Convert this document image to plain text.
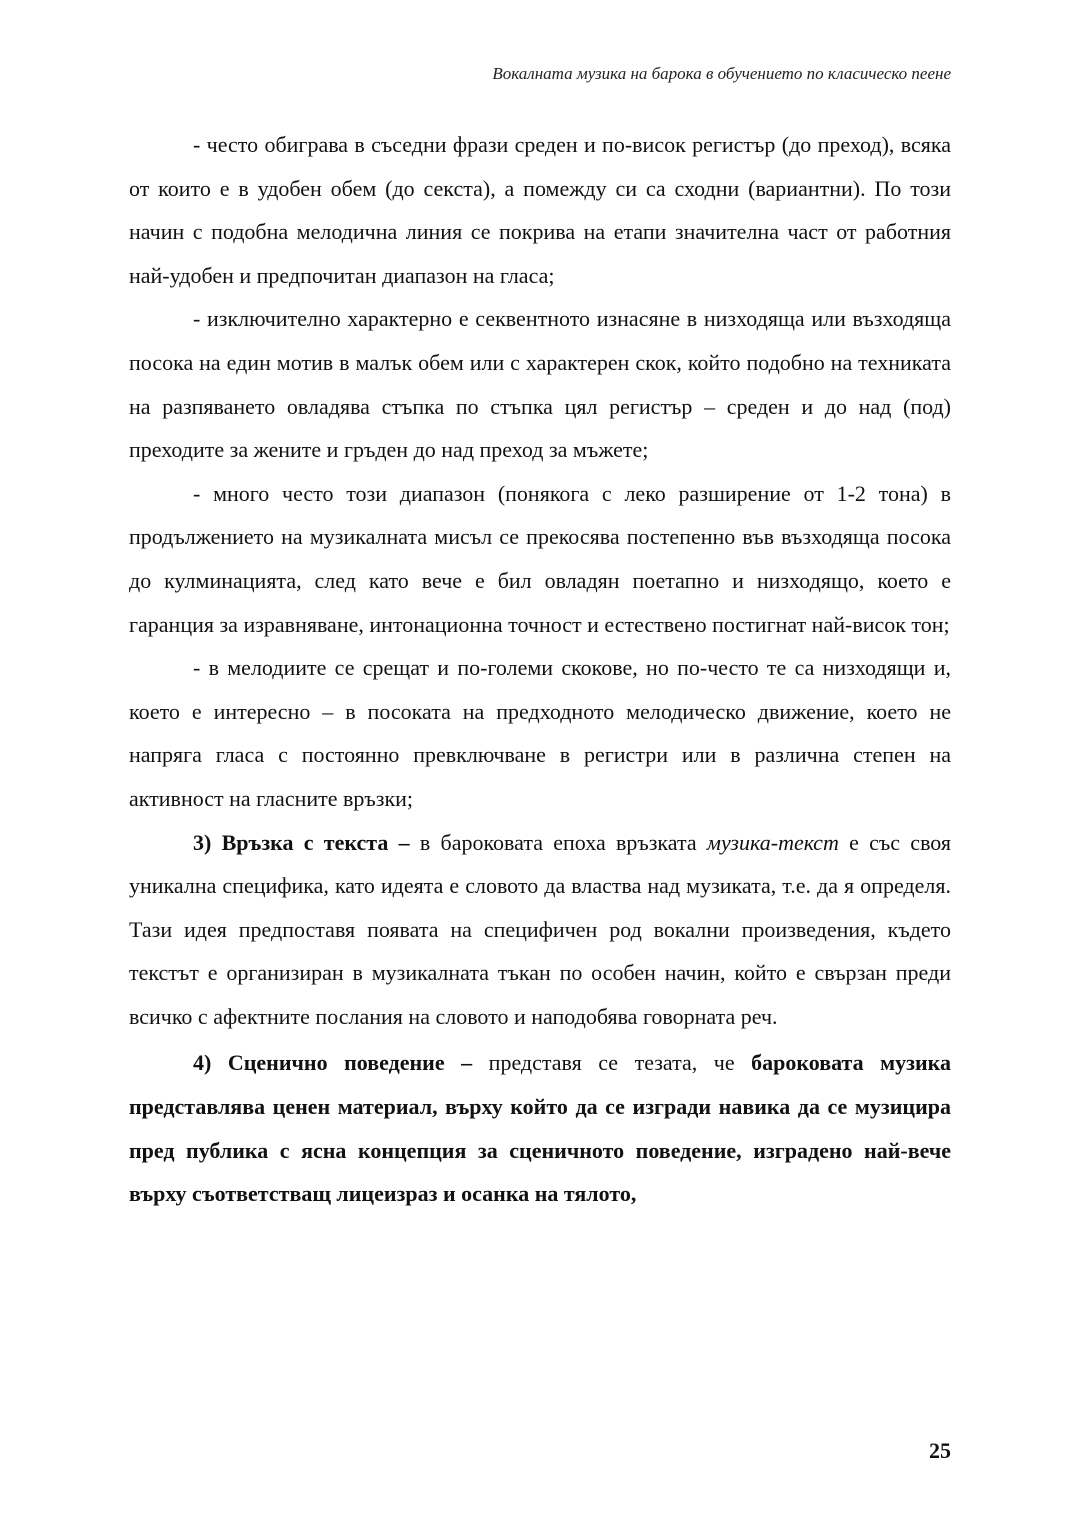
Вокалната музика на барока в обучението по класическо пеене

- често обиграва в съседни фрази среден и по-висок регистър (до преход), всяка от които е в удобен обем (до секста), а помежду си са сходни (вариантни). По този начин с подобна мелодична линия се покрива на етапи значителна част от работния най-удобен и предпочитан диапазон на гласа;

- изключително характерно е секвентното изнасяне в низходяща или възходяща посока на един мотив в малък обем или с характерен скок, който подобно на техниката на разпяването овладява стъпка по стъпка цял регистър – среден и до над (под) преходите за жените и гръден до над преход за мъжете;

- много често този диапазон (понякога с леко разширение от 1-2 тона) в продължението на музикалната мисъл се прекосява постепенно във възходяща посока до кулминацията, след като вече е бил овладян поетапно и низходящо, което е гаранция за изравняване, интонационна точност и естествено постигнат най-висок тон;

- в мелодиите се срещат и по-големи скокове, но по-често те са низходящи и, което е интересно – в посоката на предходното мелодическо движение, което не напряга гласа с постоянно превключване в регистри или в различна степен на активност на гласните връзки;

3) Връзка с текста – в бароковата епоха връзката музика-текст е със своя уникална специфика, като идеята е словото да властва над музиката, т.е. да я определя. Тази идея предпоставя появата на специфичен род вокални произведения, където текстът е организиран в музикалната тъкан по особен начин, който е свързан преди всичко с афектните послания на словото и наподобява говорната реч.

4) Сценично поведение – представя се тезата, че бароковата музика представлява ценен материал, върху който да се изгради навика да се музицира пред публика с ясна концепция за сценичното поведение, изградено най-вече върху съответстващ лицеизраз и осанка на тялото,

25
